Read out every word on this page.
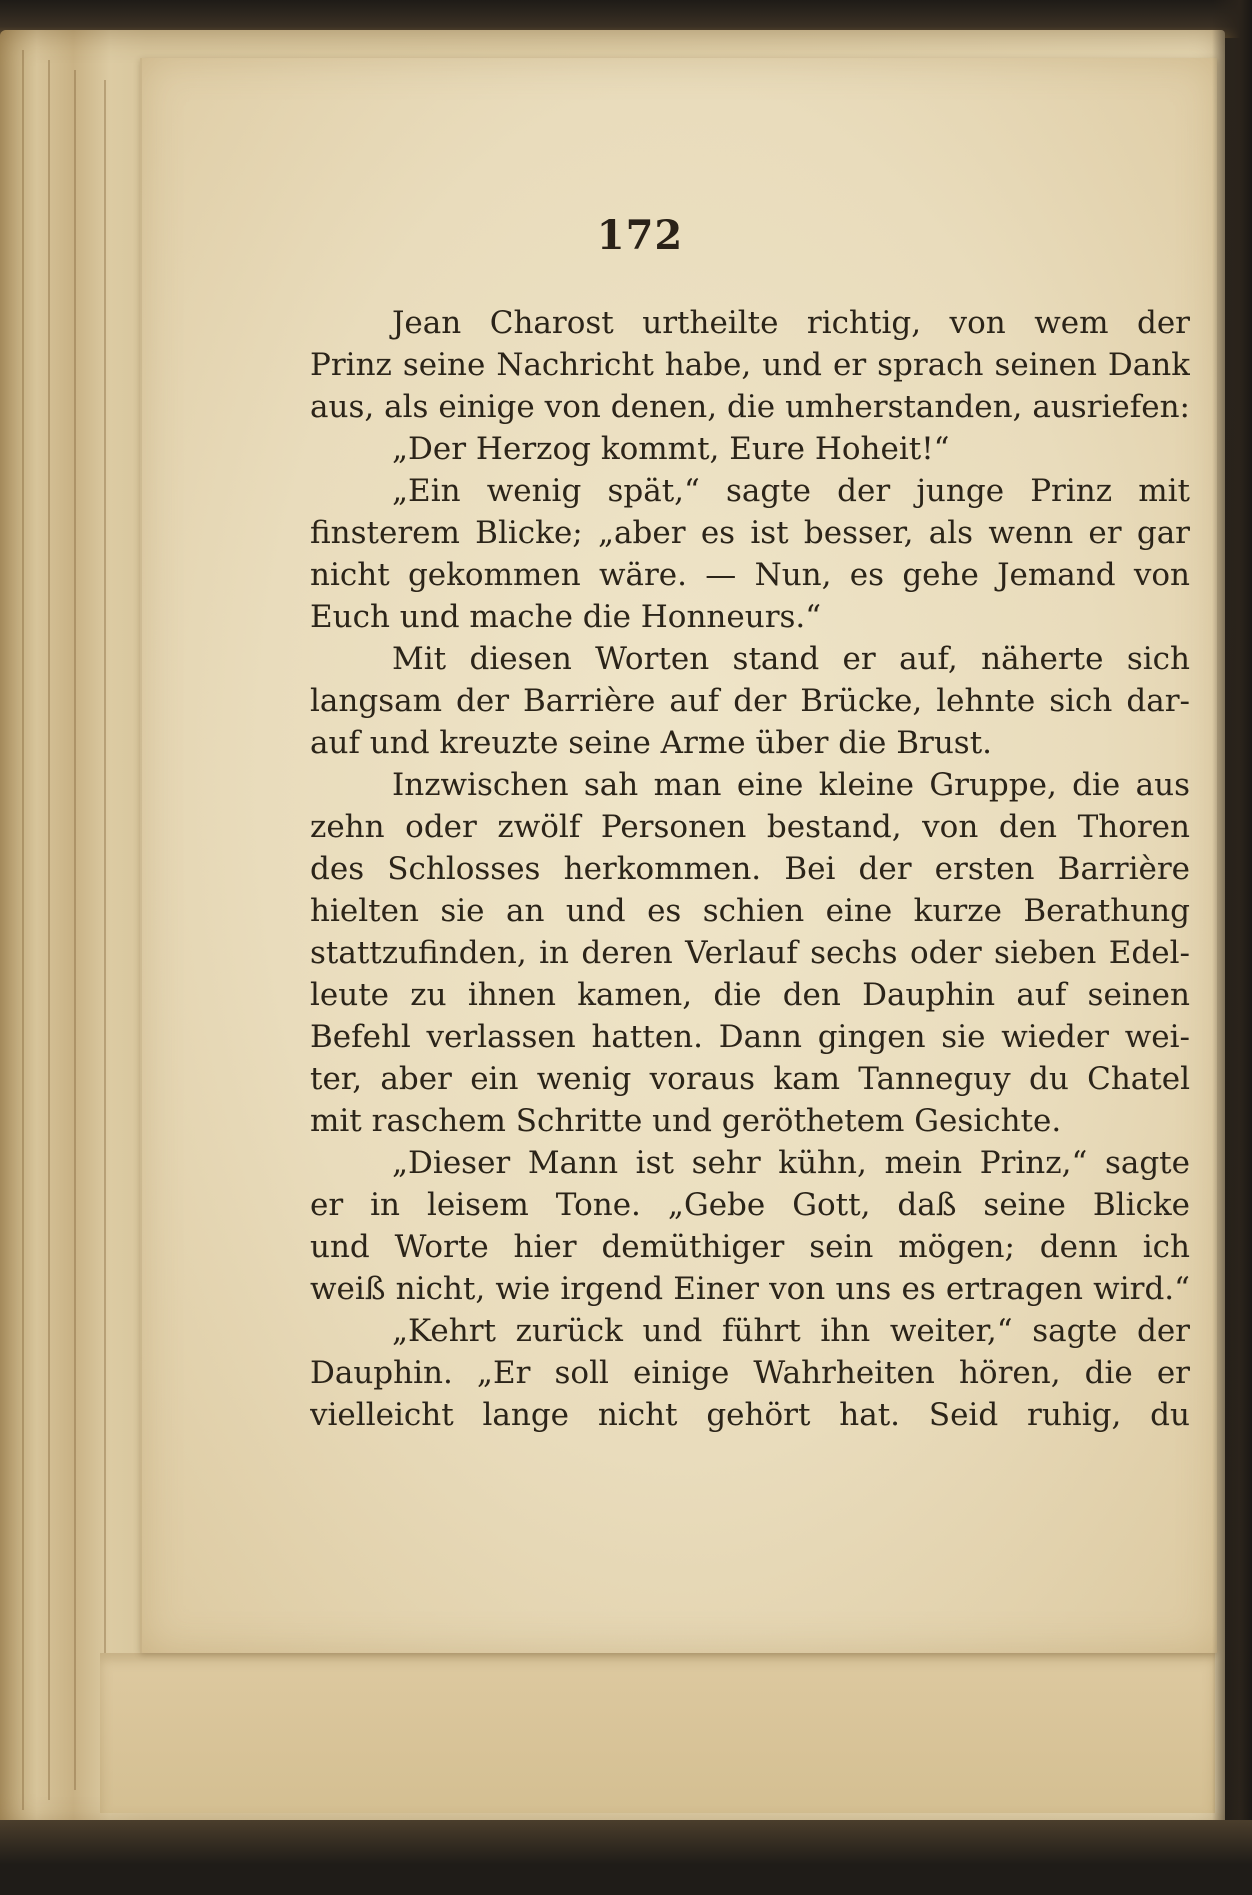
172
Jean Charost urtheilte richtig, von wem der
Prinz seine Nachricht habe, und er sprach seinen Dank
aus, als einige von denen, die umherstanden, ausriefen:
„Der Herzog kommt, Eure Hoheit!“
„Ein wenig spät,“ sagte der junge Prinz mit
finsterem Blicke; „aber es ist besser, als wenn er gar
nicht gekommen wäre. — Nun, es gehe Jemand von
Euch und mache die Honneurs.“
Mit diesen Worten stand er auf, näherte sich
langsam der Barrière auf der Brücke, lehnte sich dar-
auf und kreuzte seine Arme über die Brust.
Inzwischen sah man eine kleine Gruppe, die aus
zehn oder zwölf Personen bestand, von den Thoren
des Schlosses herkommen. Bei der ersten Barrière
hielten sie an und es schien eine kurze Berathung
stattzufinden, in deren Verlauf sechs oder sieben Edel-
leute zu ihnen kamen, die den Dauphin auf seinen
Befehl verlassen hatten. Dann gingen sie wieder wei-
ter, aber ein wenig voraus kam Tanneguy du Chatel
mit raschem Schritte und geröthetem Gesichte.
„Dieser Mann ist sehr kühn, mein Prinz,“ sagte
er in leisem Tone. „Gebe Gott, daß seine Blicke
und Worte hier demüthiger sein mögen; denn ich
weiß nicht, wie irgend Einer von uns es ertragen wird.“
„Kehrt zurück und führt ihn weiter,“ sagte der
Dauphin. „Er soll einige Wahrheiten hören, die er
vielleicht lange nicht gehört hat. Seid ruhig, du
